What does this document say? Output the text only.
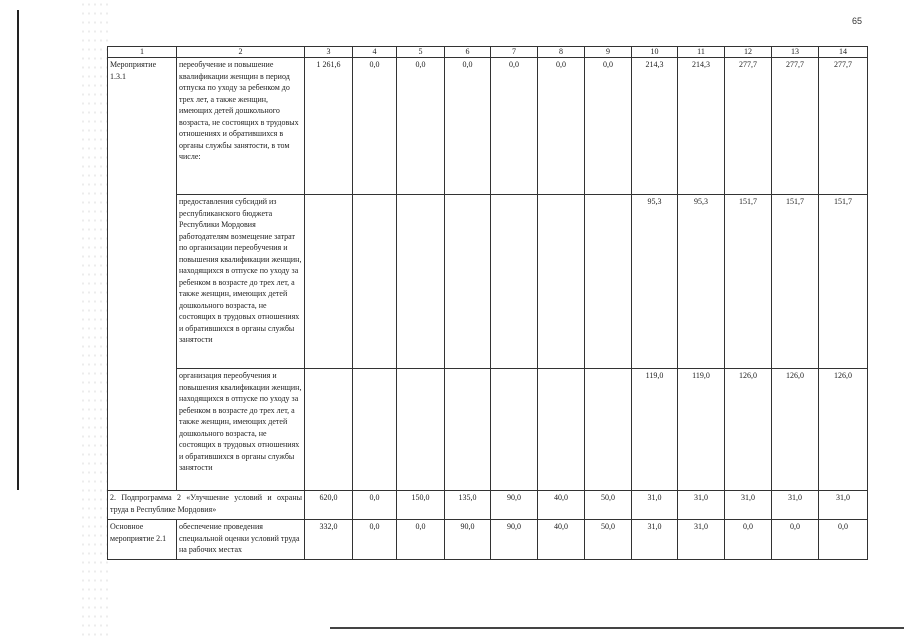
65
1	2	3	4	5	6	7	8	9	10	11	12	13	14
Мероприятие 1.3.1	переобучение и повышение квалификации женщин в период отпуска по уходу за ребенком до трех лет, а также женщин, имеющих детей дошкольного возраста, не состоящих в трудовых отношениях и обратившихся в органы службы занятости, в том числе:	1 261,6	0,0	0,0	0,0	0,0	0,0	0,0	214,3	214,3	277,7	277,7	277,7
	предоставления субсидий из республиканского бюджета Республики Мордовия работодателям возмещение затрат по организации переобучения и повышения квалификации женщин, находящихся в отпуске по уходу за ребенком в возрасте до трех лет, а также женщин, имеющих детей дошкольного возраста, не состоящих в трудовых отношениях и обратившихся в органы службы занятости								95,3	95,3	151,7	151,7	151,7
	организация переобучения и повышения квалификации женщин, находящихся в отпуске по уходу за ребенком в возрасте до трех лет, а также женщин, имеющих детей дошкольного возраста, не состоящих в трудовых отношениях и обратившихся в органы службы занятости								119,0	119,0	126,0	126,0	126,0
2. Подпрограмма 2 «Улучшение условий и охраны труда в Республике Мордовия»		620,0	0,0	150,0	135,0	90,0	40,0	50,0	31,0	31,0	31,0	31,0	31,0
Основное мероприятие 2.1	обеспечение проведения специальной оценки условий труда на рабочих местах	332,0	0,0	0,0	90,0	90,0	40,0	50,0	31,0	31,0	0,0	0,0	0,0
